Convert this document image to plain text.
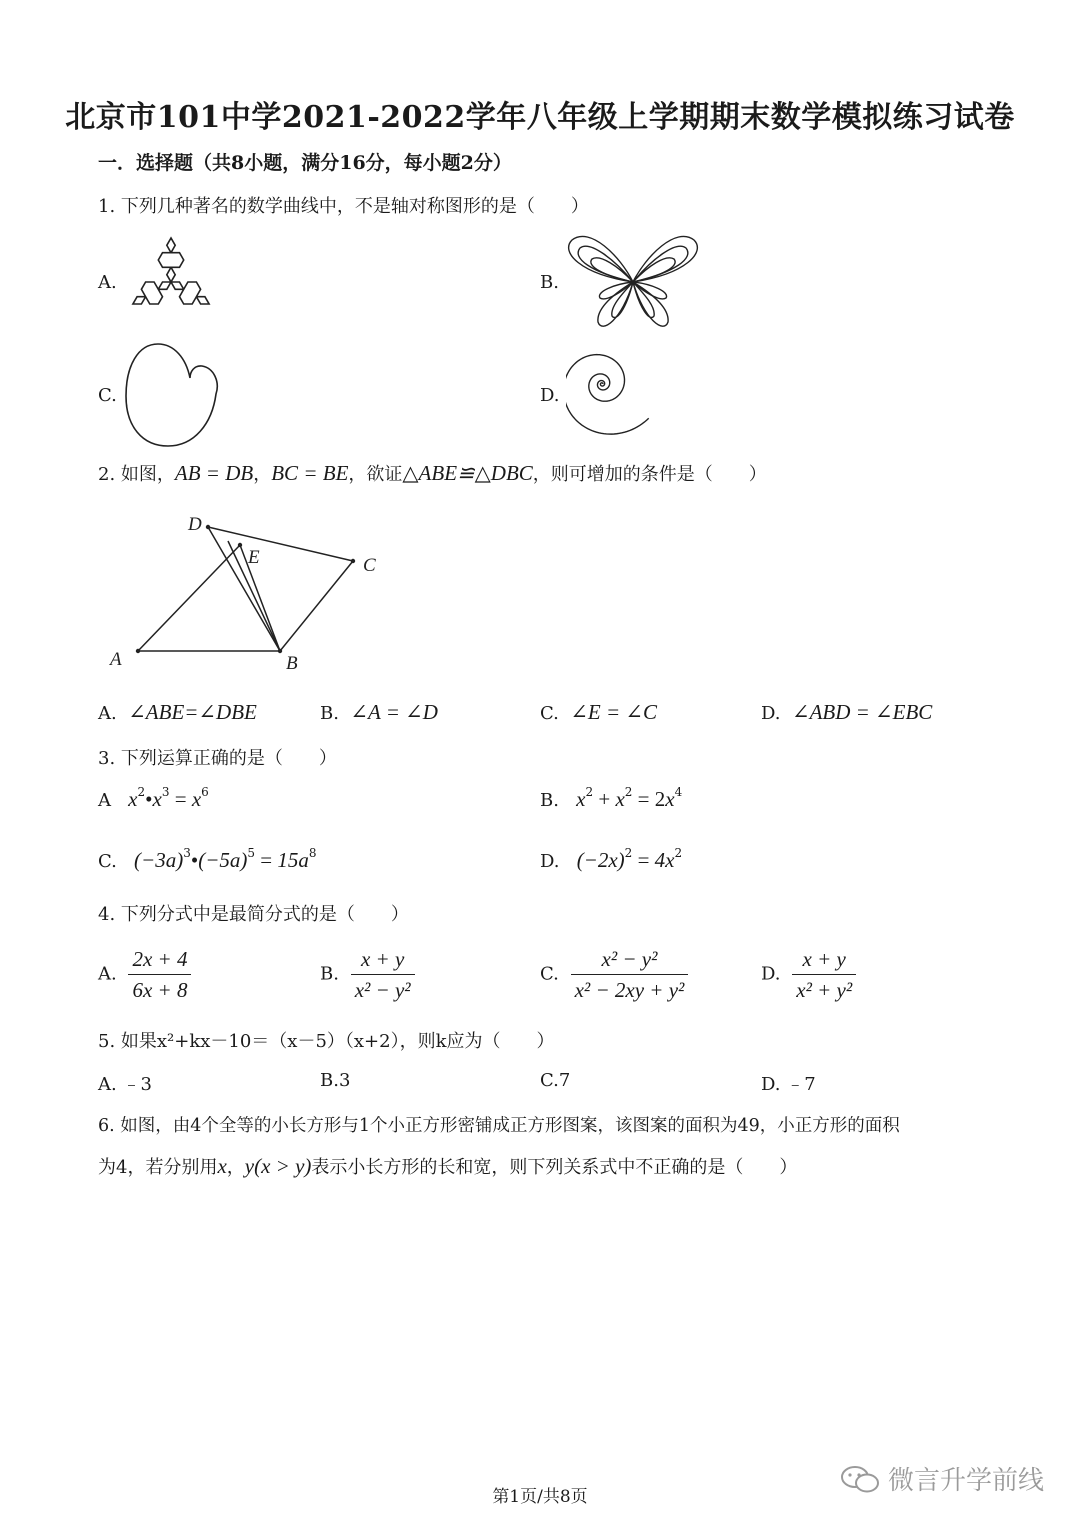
北京市101中学2021-2022学年八年级上学期期末数学模拟练习试卷
一．选择题（共8小题，满分16分，每小题2分）
1. 下列几种著名的数学曲线中，不是轴对称图形的是（　　）
A.	B.
C.	D.
2. 如图，AB = DB，BC = BE，欲证△ABE≌△DBC，则可增加的条件是（　　）
D
E	C
A	B
A. ∠ABE=∠DBE	B. ∠A = ∠D	C. ∠E = ∠C	D. ∠ABD = ∠EBC
3. 下列运算正确的是（　　）
A $x^2•x^3 = x^6$	B. $x^2 + x^2 = 2x^4$
C. $(-3a)^3•(-5a)^5 = 15a^8$	D. $(-2x)^2 = 4x^2$
4. 下列分式中是最简分式的是（　　）
A. $\frac{2x + 4}{6x + 8}$	B. $\frac{x + y}{\text{x² − y²}}$	C. $\frac{\text{x² − y²}}{\text{x² − 2xy + y²}}$	D. $\frac{x + y}{\text{x² + y²}}$
5. 如果x²+kx－10＝（x－5）（x+2），则k应为（　　）
A. ﹣3	B.3	C.7	D. ﹣7
6. 如图，由4个全等的小长方形与1个小正方形密铺成正方形图案，该图案的面积为49，小正方形的面积
为4，若分别用x，y(x > y)表示小长方形的长和宽，则下列关系式中不正确的是（　　）
第1页/共8页
微言升学前线
